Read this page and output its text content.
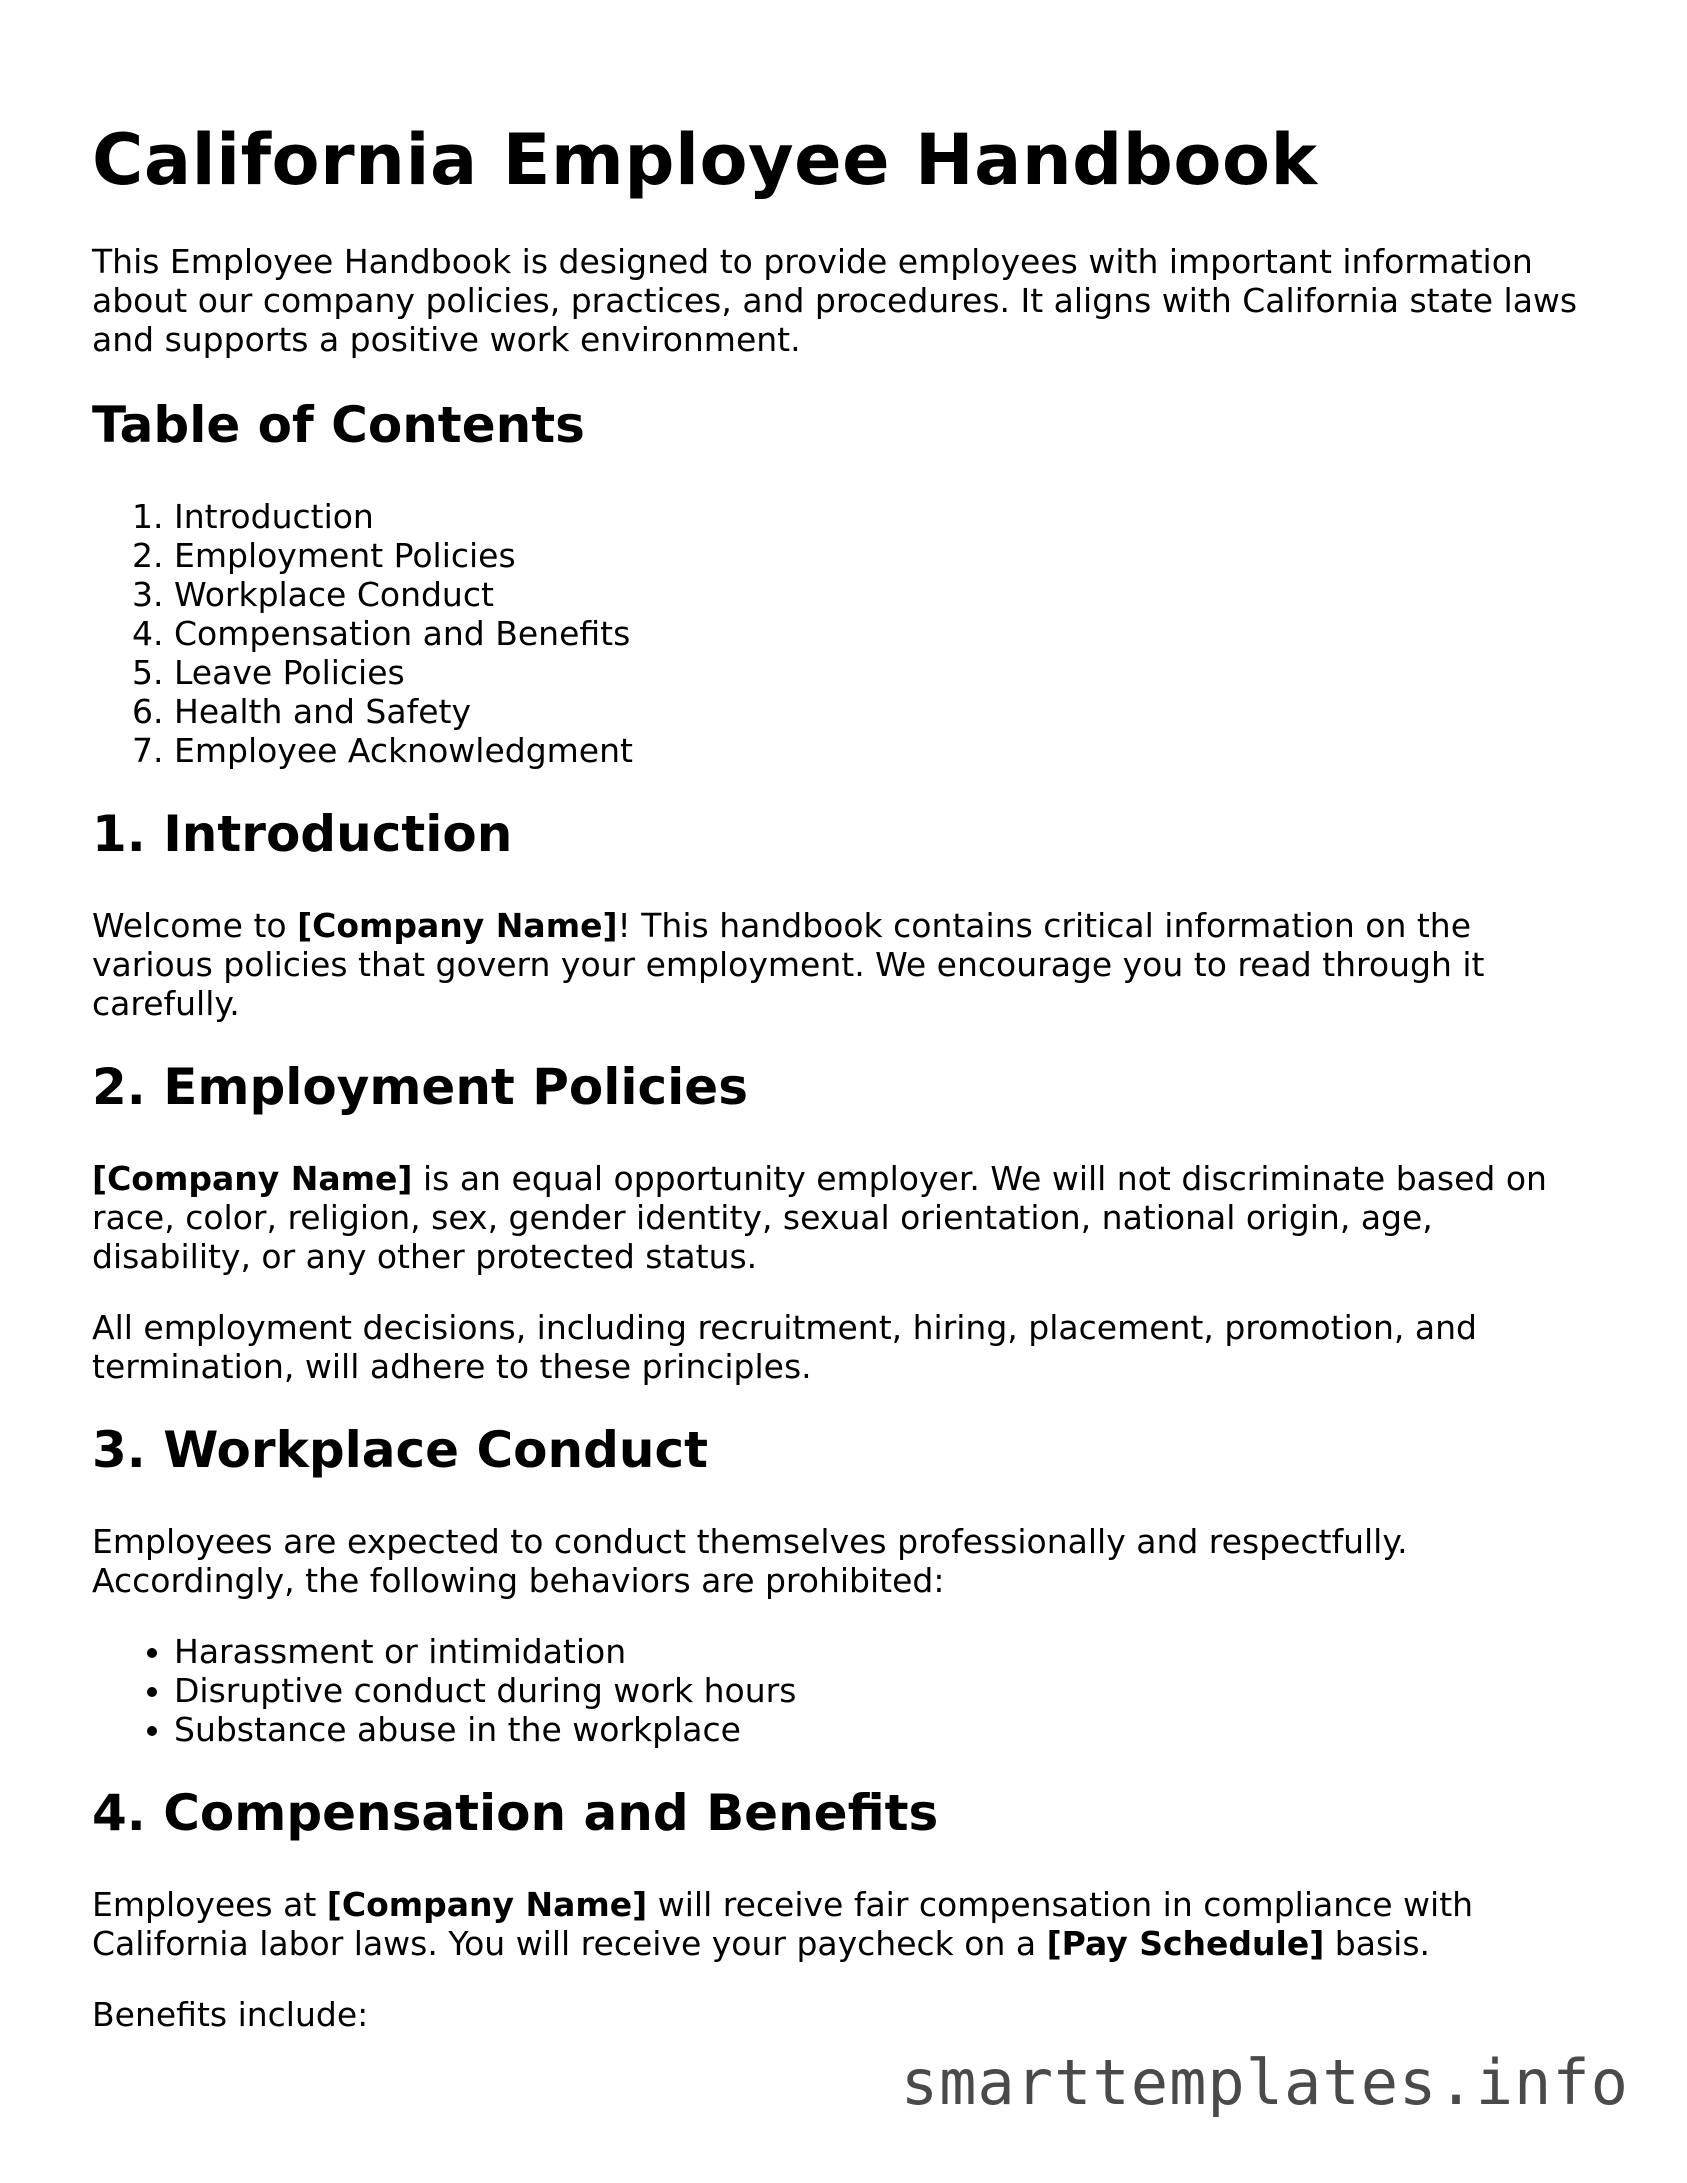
California Employee Handbook

This Employee Handbook is designed to provide employees with important information about our company policies, practices, and procedures. It aligns with California state laws and supports a positive work environment.

Table of Contents
1. Introduction
2. Employment Policies
3. Workplace Conduct
4. Compensation and Benefits
5. Leave Policies
6. Health and Safety
7. Employee Acknowledgment
1. Introduction

Welcome to [Company Name]! This handbook contains critical information on the various policies that govern your employment. We encourage you to read through it carefully.

2. Employment Policies

[Company Name] is an equal opportunity employer. We will not discriminate based on race, color, religion, sex, gender identity, sexual orientation, national origin, age, disability, or any other protected status.

All employment decisions, including recruitment, hiring, placement, promotion, and termination, will adhere to these principles.

3. Workplace Conduct

Employees are expected to conduct themselves professionally and respectfully. Accordingly, the following behaviors are prohibited:

• Harassment or intimidation
• Disruptive conduct during work hours
• Substance abuse in the workplace
4. Compensation and Benefits

Employees at [Company Name] will receive fair compensation in compliance with California labor laws. You will receive your paycheck on a [Pay Schedule] basis.

Benefits include:

smarttemplates.info
